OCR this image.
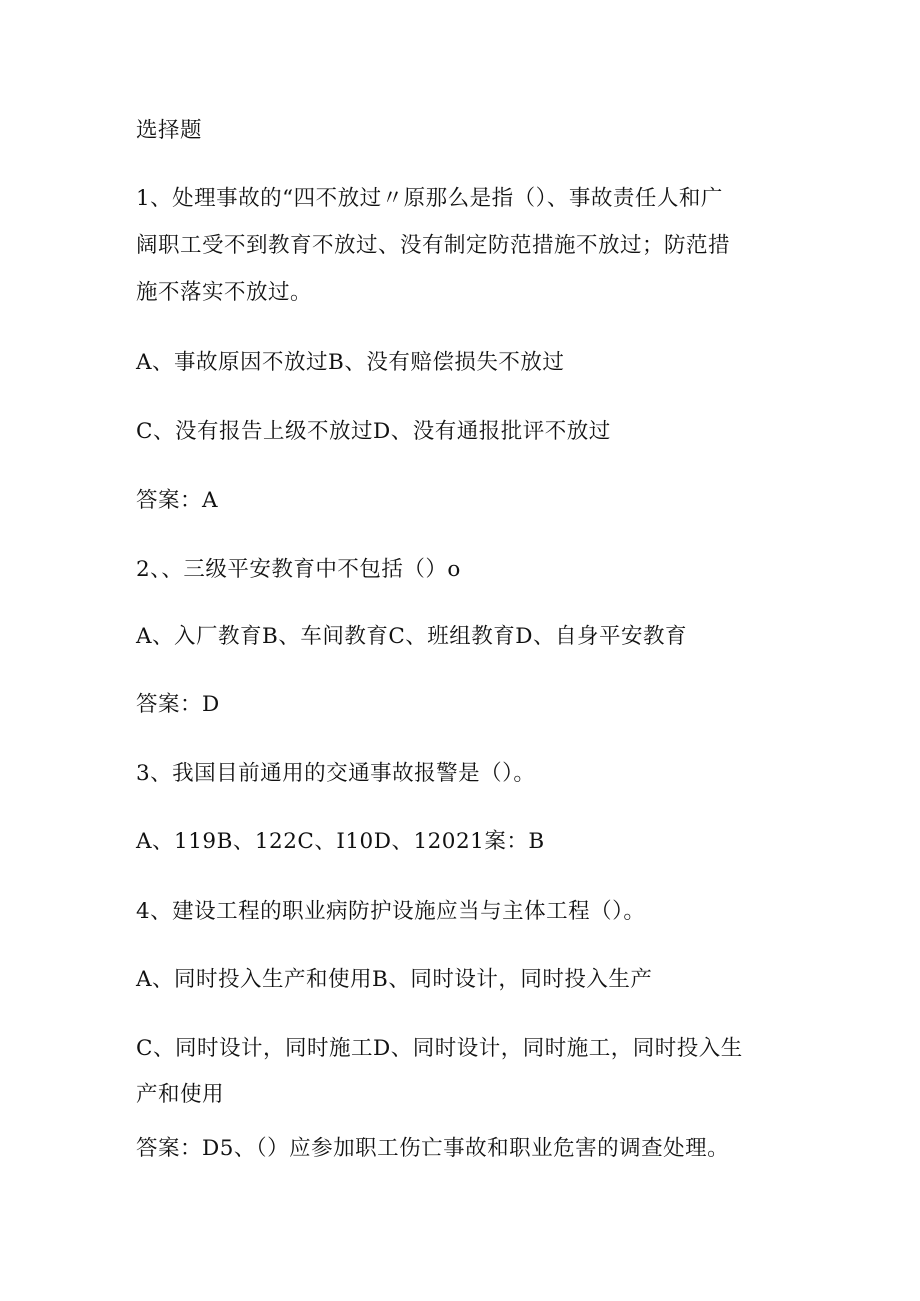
选择题
1、处理事故的“四不放过〃原那么是指（）、事故责任人和广
阔职工受不到教育不放过、没有制定防范措施不放过；防范措
施不落实不放过。
A、事故原因不放过B、没有赔偿损失不放过
C、没有报告上级不放过D、没有通报批评不放过
答案：A
2、、三级平安教育中不包括（）o
A、入厂教育B、车间教育C、班组教育D、自身平安教育
答案：D
3、我国目前通用的交通事故报警是（）。
A、119B、122C、I10D、12021案：B
4、建设工程的职业病防护设施应当与主体工程（）。
A、同时投入生产和使用B、同时设计，同时投入生产
C、同时设计，同时施工D、同时设计，同时施工，同时投入生
产和使用
答案：D5、（）应参加职工伤亡事故和职业危害的调查处理。
